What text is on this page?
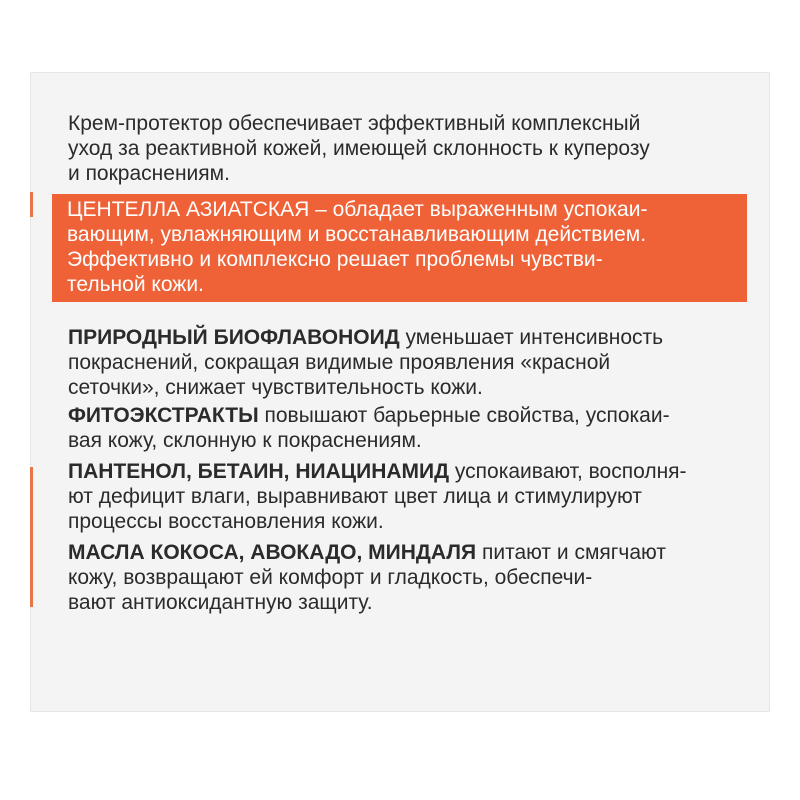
Крем-протектор обеспечивает эффективный комплексный
уход за реактивной кожей, имеющей склонность к куперозу
и покраснениям.

ЦЕНТЕЛЛА АЗИАТСКАЯ – обладает выраженным успокаи-
вающим, увлажняющим и восстанавливающим действием.
Эффективно и комплексно решает проблемы чувстви-
тельной кожи.

ПРИРОДНЫЙ БИОФЛАВОНОИД уменьшает интенсивность
покраснений, сокращая видимые проявления «красной
сеточки», снижает чувствительность кожи.

ФИТОЭКСТРАКТЫ повышают барьерные свойства, успокаи-
вая кожу, склонную к покраснениям.

ПАНТЕНОЛ, БЕТАИН, НИАЦИНАМИД успокаивают, восполня-
ют дефицит влаги, выравнивают цвет лица и стимулируют
процессы восстановления кожи.

МАСЛА КОКОСА, АВОКАДО, МИНДАЛЯ питают и смягчают
кожу, возвращают ей комфорт и гладкость, обеспечи-
вают антиоксидантную защиту.
